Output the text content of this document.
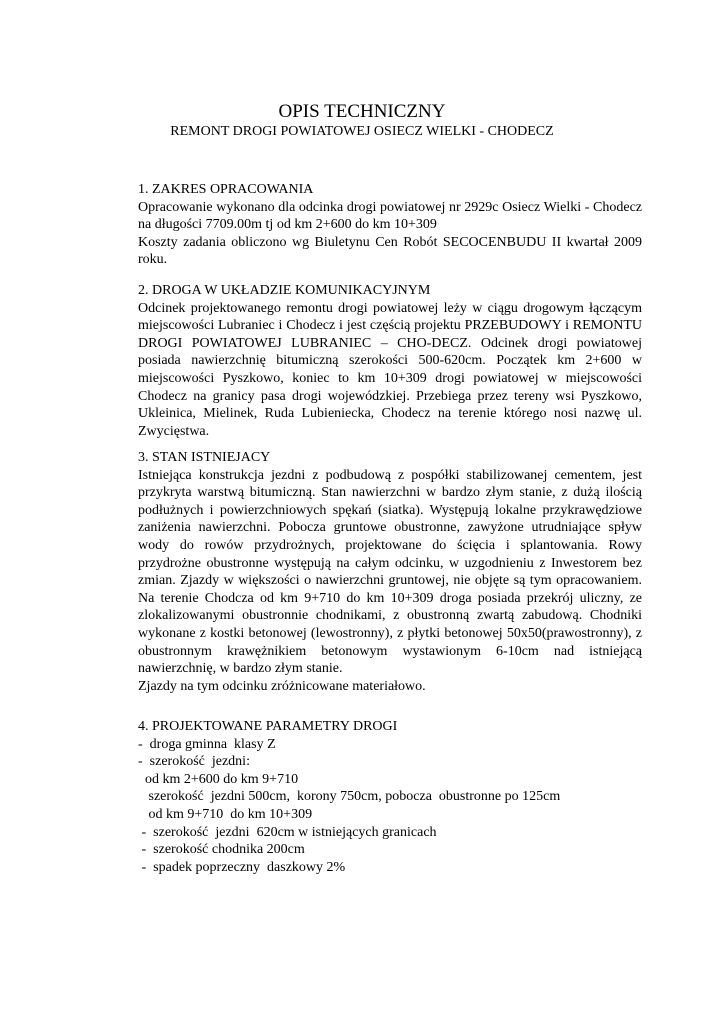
OPIS TECHNICZNY
REMONT DROGI POWIATOWEJ OSIECZ WIELKI - CHODECZ
1. ZAKRES OPRACOWANIA

Opracowanie wykonano dla odcinka drogi powiatowej nr 2929c Osiecz Wielki - Chodecz na długości 7709.00m tj od km 2+600 do km 10+309

Koszty zadania obliczono wg Biuletynu Cen Robót SECOCENBUDU II kwartał 2009 roku.

2. DROGA W UKŁADZIE KOMUNIKACYJNYM

Odcinek projektowanego remontu drogi powiatowej leży w ciągu drogowym łączącym miejscowości Lubraniec i Chodecz i jest częścią projektu PRZEBUDOWY i REMONTU DROGI POWIATOWEJ LUBRANIEC – CHO-DECZ. Odcinek drogi powiatowej posiada nawierzchnię bitumiczną szerokości 500-620cm. Początek km 2+600 w miejscowości Pyszkowo, koniec to km 10+309 drogi powiatowej w miejscowości Chodecz na granicy pasa drogi wojewódzkiej. Przebiega przez tereny wsi Pyszkowo, Ukleinica, Mielinek, Ruda Lubieniecka, Chodecz na terenie którego nosi nazwę ul. Zwycięstwa.

3. STAN ISTNIEJACY

Istniejąca konstrukcja jezdni z podbudową z pospółki stabilizowanej cementem, jest przykryta warstwą bitumiczną. Stan nawierzchni w bardzo złym stanie, z dużą ilością podłużnych i powierzchniowych spękań (siatka). Występują lokalne przykrawędziowe zaniżenia nawierzchni. Pobocza gruntowe obustronne, zawyżone utrudniające spływ wody do rowów przydrożnych, projektowane do ścięcia i splantowania. Rowy przydrożne obustronne występują na całym odcinku, w uzgodnieniu z Inwestorem bez zmian. Zjazdy w większości o nawierzchni gruntowej, nie objęte są tym opracowaniem. Na terenie Chodcza od km 9+710 do km 10+309 droga posiada przekrój uliczny, ze zlokalizowanymi obustronnie chodnikami, z obustronną zwartą zabudową. Chodniki wykonane z kostki betonowej (lewostronny), z płytki betonowej 50x50(prawostronny), z obustronnym krawężnikiem betonowym wystawionym 6-10cm nad istniejącą nawierzchnię, w bardzo złym stanie.

Zjazdy na tym odcinku zróżnicowane materiałowo.

4. PROJEKTOWANE PARAMETRY DROGI
-  droga gminna  klasy Z
-  szerokość  jezdni:
od km 2+600 do km 9+710
szerokość  jezdni 500cm,  korony 750cm, pobocza  obustronne po 125cm
od km 9+710  do km 10+309
-  szerokość  jezdni  620cm w istniejących granicach
-  szerokość chodnika 200cm
-  spadek poprzeczny  daszkowy 2%
